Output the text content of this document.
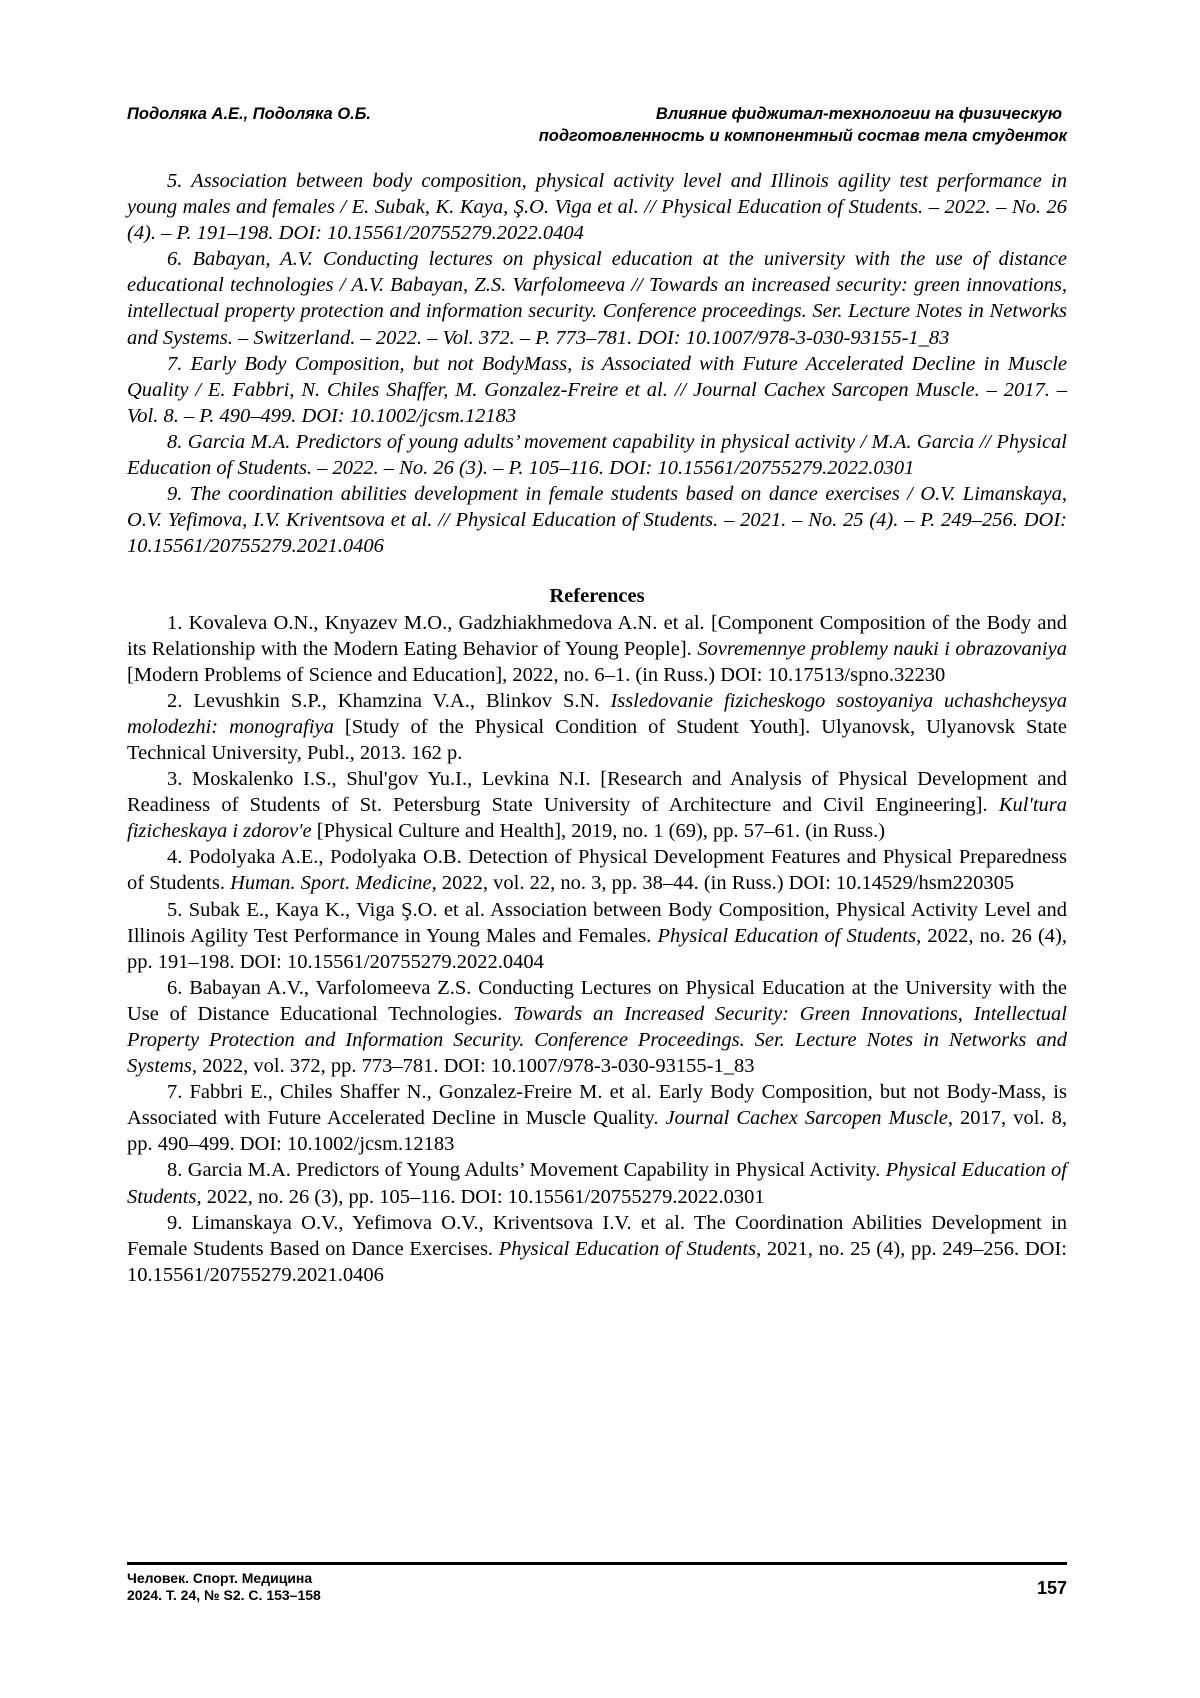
Подоляка А.Е., Подоляка О.Б.	Влияние фиджитал-технологии на физическую
подготовленность и компонентный состав тела студенток

5. Association between body composition, physical activity level and Illinois agility test performance in young males and females / E. Subak, K. Kaya, Ş.O. Viga et al. // Physical Education of Students. – 2022. – No. 26 (4). – P. 191–198. DOI: 10.15561/20755279.2022.0404

6. Babayan, A.V. Conducting lectures on physical education at the university with the use of distance educational technologies / A.V. Babayan, Z.S. Varfolomeeva // Towards an increased security: green innovations, intellectual property protection and information security. Conference proceedings. Ser. Lecture Notes in Networks and Systems. – Switzerland. – 2022. – Vol. 372. – P. 773–781. DOI: 10.1007/978-3-030-93155-1_83

7. Early Body Composition, but not BodyMass, is Associated with Future Accelerated Decline in Muscle Quality / E. Fabbri, N. Chiles Shaffer, M. Gonzalez-Freire et al. // Journal Cachex Sarcopen Muscle. – 2017. – Vol. 8. – P. 490–499. DOI: 10.1002/jcsm.12183

8. Garcia M.A. Predictors of young adults’ movement capability in physical activity / M.A. Garcia // Physical Education of Students. – 2022. – No. 26 (3). – P. 105–116. DOI: 10.15561/20755279.2022.0301

9. The coordination abilities development in female students based on dance exercises / O.V. Limanskaya, O.V. Yefimova, I.V. Kriventsova et al. // Physical Education of Students. – 2021. – No. 25 (4). – P. 249–256. DOI: 10.15561/20755279.2021.0406

References

1. Kovaleva O.N., Knyazev M.O., Gadzhiakhmedova A.N. et al. [Component Composition of the Body and its Relationship with the Modern Eating Behavior of Young People]. Sovremennye problemy nauki i obrazovaniya [Modern Problems of Science and Education], 2022, no. 6–1. (in Russ.) DOI: 10.17513/spno.32230

2. Levushkin S.P., Khamzina V.A., Blinkov S.N. Issledovanie fizicheskogo sostoyaniya uchashcheysya molodezhi: monografiya [Study of the Physical Condition of Student Youth]. Ulyanovsk, Ulyanovsk State Technical University, Publ., 2013. 162 p.

3. Moskalenko I.S., Shul'gov Yu.I., Levkina N.I. [Research and Analysis of Physical Development and Readiness of Students of St. Petersburg State University of Architecture and Civil Engineering]. Kul'tura fizicheskaya i zdorov'e [Physical Culture and Health], 2019, no. 1 (69), pp. 57–61. (in Russ.)

4. Podolyaka A.E., Podolyaka O.B. Detection of Physical Development Features and Physical Preparedness of Students. Human. Sport. Medicine, 2022, vol. 22, no. 3, pp. 38–44. (in Russ.) DOI: 10.14529/hsm220305

5. Subak E., Kaya K., Viga Ş.O. et al. Association between Body Composition, Physical Activity Level and Illinois Agility Test Performance in Young Males and Females. Physical Education of Students, 2022, no. 26 (4), pp. 191–198. DOI: 10.15561/20755279.2022.0404

6. Babayan A.V., Varfolomeeva Z.S. Conducting Lectures on Physical Education at the University with the Use of Distance Educational Technologies. Towards an Increased Security: Green Innovations, Intellectual Property Protection and Information Security. Conference Proceedings. Ser. Lecture Notes in Networks and Systems, 2022, vol. 372, pp. 773–781. DOI: 10.1007/978-3-030-93155-1_83

7. Fabbri E., Chiles Shaffer N., Gonzalez-Freire M. et al. Early Body Composition, but not Body-Mass, is Associated with Future Accelerated Decline in Muscle Quality. Journal Cachex Sarcopen Muscle, 2017, vol. 8, pp. 490–499. DOI: 10.1002/jcsm.12183

8. Garcia M.A. Predictors of Young Adults’ Movement Capability in Physical Activity. Physical Education of Students, 2022, no. 26 (3), pp. 105–116. DOI: 10.15561/20755279.2022.0301

9. Limanskaya O.V., Yefimova O.V., Kriventsova I.V. et al. The Coordination Abilities Development in Female Students Based on Dance Exercises. Physical Education of Students, 2021, no. 25 (4), pp. 249–256. DOI: 10.15561/20755279.2021.0406

Человек. Спорт. Медицина
2024. Т. 24, № S2. С. 153–158	157
